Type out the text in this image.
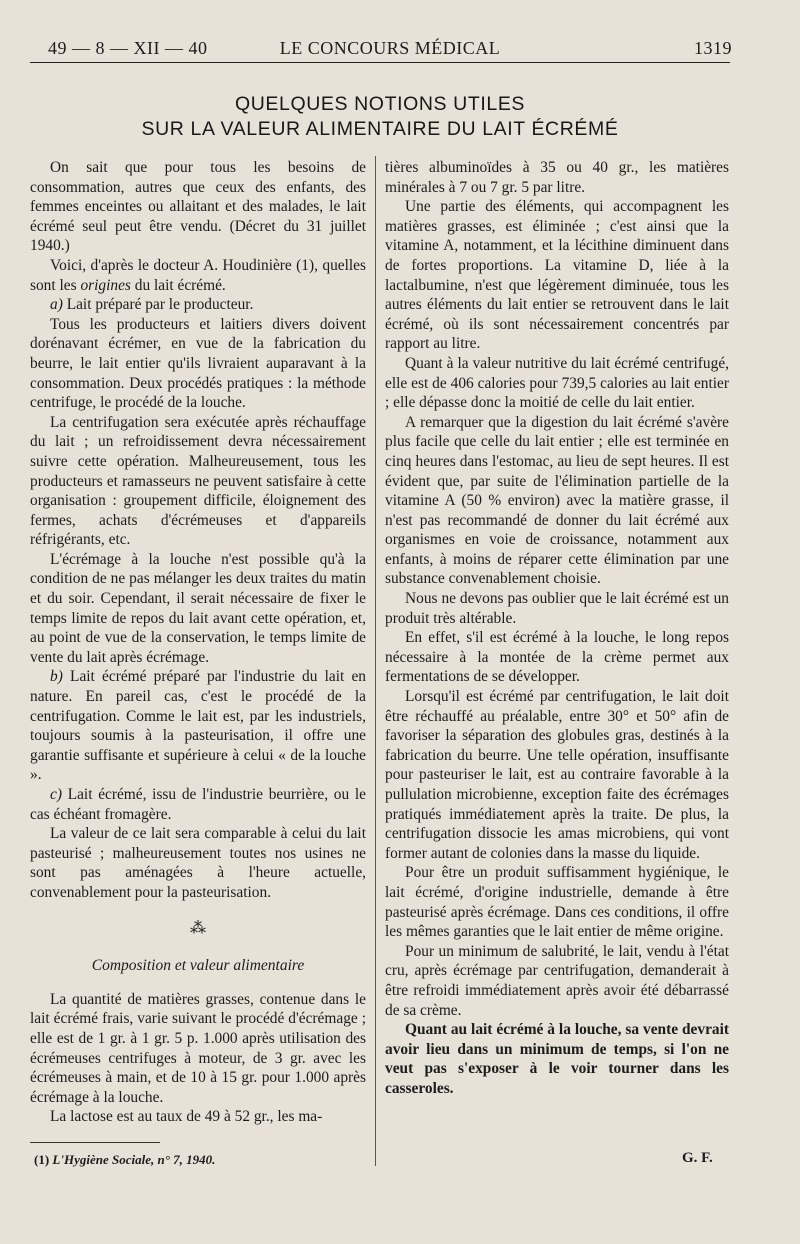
49 — 8 — XII — 40	LE CONCOURS MÉDICAL	1319
QUELQUES NOTIONS UTILES
SUR LA VALEUR ALIMENTAIRE DU LAIT ÉCRÉMÉ

On sait que pour tous les besoins de consommation, autres que ceux des enfants, des femmes enceintes ou allaitant et des malades, le lait écrémé seul peut être vendu. (Décret du 31 juillet 1940.)

Voici, d'après le docteur A. Houdinière (1), quelles sont les origines du lait écrémé.

a) Lait préparé par le producteur.

Tous les producteurs et laitiers divers doivent dorénavant écrémer, en vue de la fabrication du beurre, le lait entier qu'ils livraient auparavant à la consommation. Deux procédés pratiques : la méthode centrifuge, le procédé de la louche.

La centrifugation sera exécutée après réchauffage du lait ; un refroidissement devra nécessairement suivre cette opération. Malheureusement, tous les producteurs et ramasseurs ne peuvent satisfaire à cette organisation : groupement difficile, éloignement des fermes, achats d'écrémeuses et d'appareils réfrigérants, etc.

L'écrémage à la louche n'est possible qu'à la condition de ne pas mélanger les deux traites du matin et du soir. Cependant, il serait nécessaire de fixer le temps limite de repos du lait avant cette opération, et, au point de vue de la conservation, le temps limite de vente du lait après écrémage.

b) Lait écrémé préparé par l'industrie du lait en nature. En pareil cas, c'est le procédé de la centrifugation. Comme le lait est, par les industriels, toujours soumis à la pasteurisation, il offre une garantie suffisante et supérieure à celui « de la louche ».

c) Lait écrémé, issu de l'industrie beurrière, ou le cas échéant fromagère.

La valeur de ce lait sera comparable à celui du lait pasteurisé ; malheureusement toutes nos usines ne sont pas aménagées à l'heure actuelle, convenablement pour la pasteurisation.

⁂
Composition et valeur alimentaire

La quantité de matières grasses, contenue dans le lait écrémé frais, varie suivant le procédé d'écrémage ; elle est de 1 gr. à 1 gr. 5 p. 1.000 après utilisation des écrémeuses centrifuges à moteur, de 3 gr. avec les écrémeuses à main, et de 10 à 15 gr. pour 1.000 après écrémage à la louche.

La lactose est au taux de 49 à 52 gr., les ma-

tières albuminoïdes à 35 ou 40 gr., les matières minérales à 7 ou 7 gr. 5 par litre.

Une partie des éléments, qui accompagnent les matières grasses, est éliminée ; c'est ainsi que la vitamine A, notamment, et la lécithine diminuent dans de fortes proportions. La vitamine D, liée à la lactalbumine, n'est que légèrement diminuée, tous les autres éléments du lait entier se retrouvent dans le lait écrémé, où ils sont nécessairement concentrés par rapport au litre.

Quant à la valeur nutritive du lait écrémé centrifugé, elle est de 406 calories pour 739,5 calories au lait entier ; elle dépasse donc la moitié de celle du lait entier.

A remarquer que la digestion du lait écrémé s'avère plus facile que celle du lait entier ; elle est terminée en cinq heures dans l'estomac, au lieu de sept heures. Il est évident que, par suite de l'élimination partielle de la vitamine A (50 % environ) avec la matière grasse, il n'est pas recommandé de donner du lait écrémé aux organismes en voie de croissance, notamment aux enfants, à moins de réparer cette élimination par une substance convenablement choisie.

Nous ne devons pas oublier que le lait écrémé est un produit très altérable.

En effet, s'il est écrémé à la louche, le long repos nécessaire à la montée de la crème permet aux fermentations de se développer.

Lorsqu'il est écrémé par centrifugation, le lait doit être réchauffé au préalable, entre 30° et 50° afin de favoriser la séparation des globules gras, destinés à la fabrication du beurre. Une telle opération, insuffisante pour pasteuriser le lait, est au contraire favorable à la pullulation microbienne, exception faite des écrémages pratiqués immédiatement après la traite. De plus, la centrifugation dissocie les amas microbiens, qui vont former autant de colonies dans la masse du liquide.

Pour être un produit suffisamment hygiénique, le lait écrémé, d'origine industrielle, demande à être pasteurisé après écrémage. Dans ces conditions, il offre les mêmes garanties que le lait entier de même origine.

Pour un minimum de salubrité, le lait, vendu à l'état cru, après écrémage par centrifugation, demanderait à être refroidi immédiatement après avoir été débarrassé de sa crème.

Quant au lait écrémé à la louche, sa vente devrait avoir lieu dans un minimum de temps, si l'on ne veut pas s'exposer à le voir tourner dans les casseroles.

(1) L'Hygiène Sociale, n° 7, 1940.	G. F.
